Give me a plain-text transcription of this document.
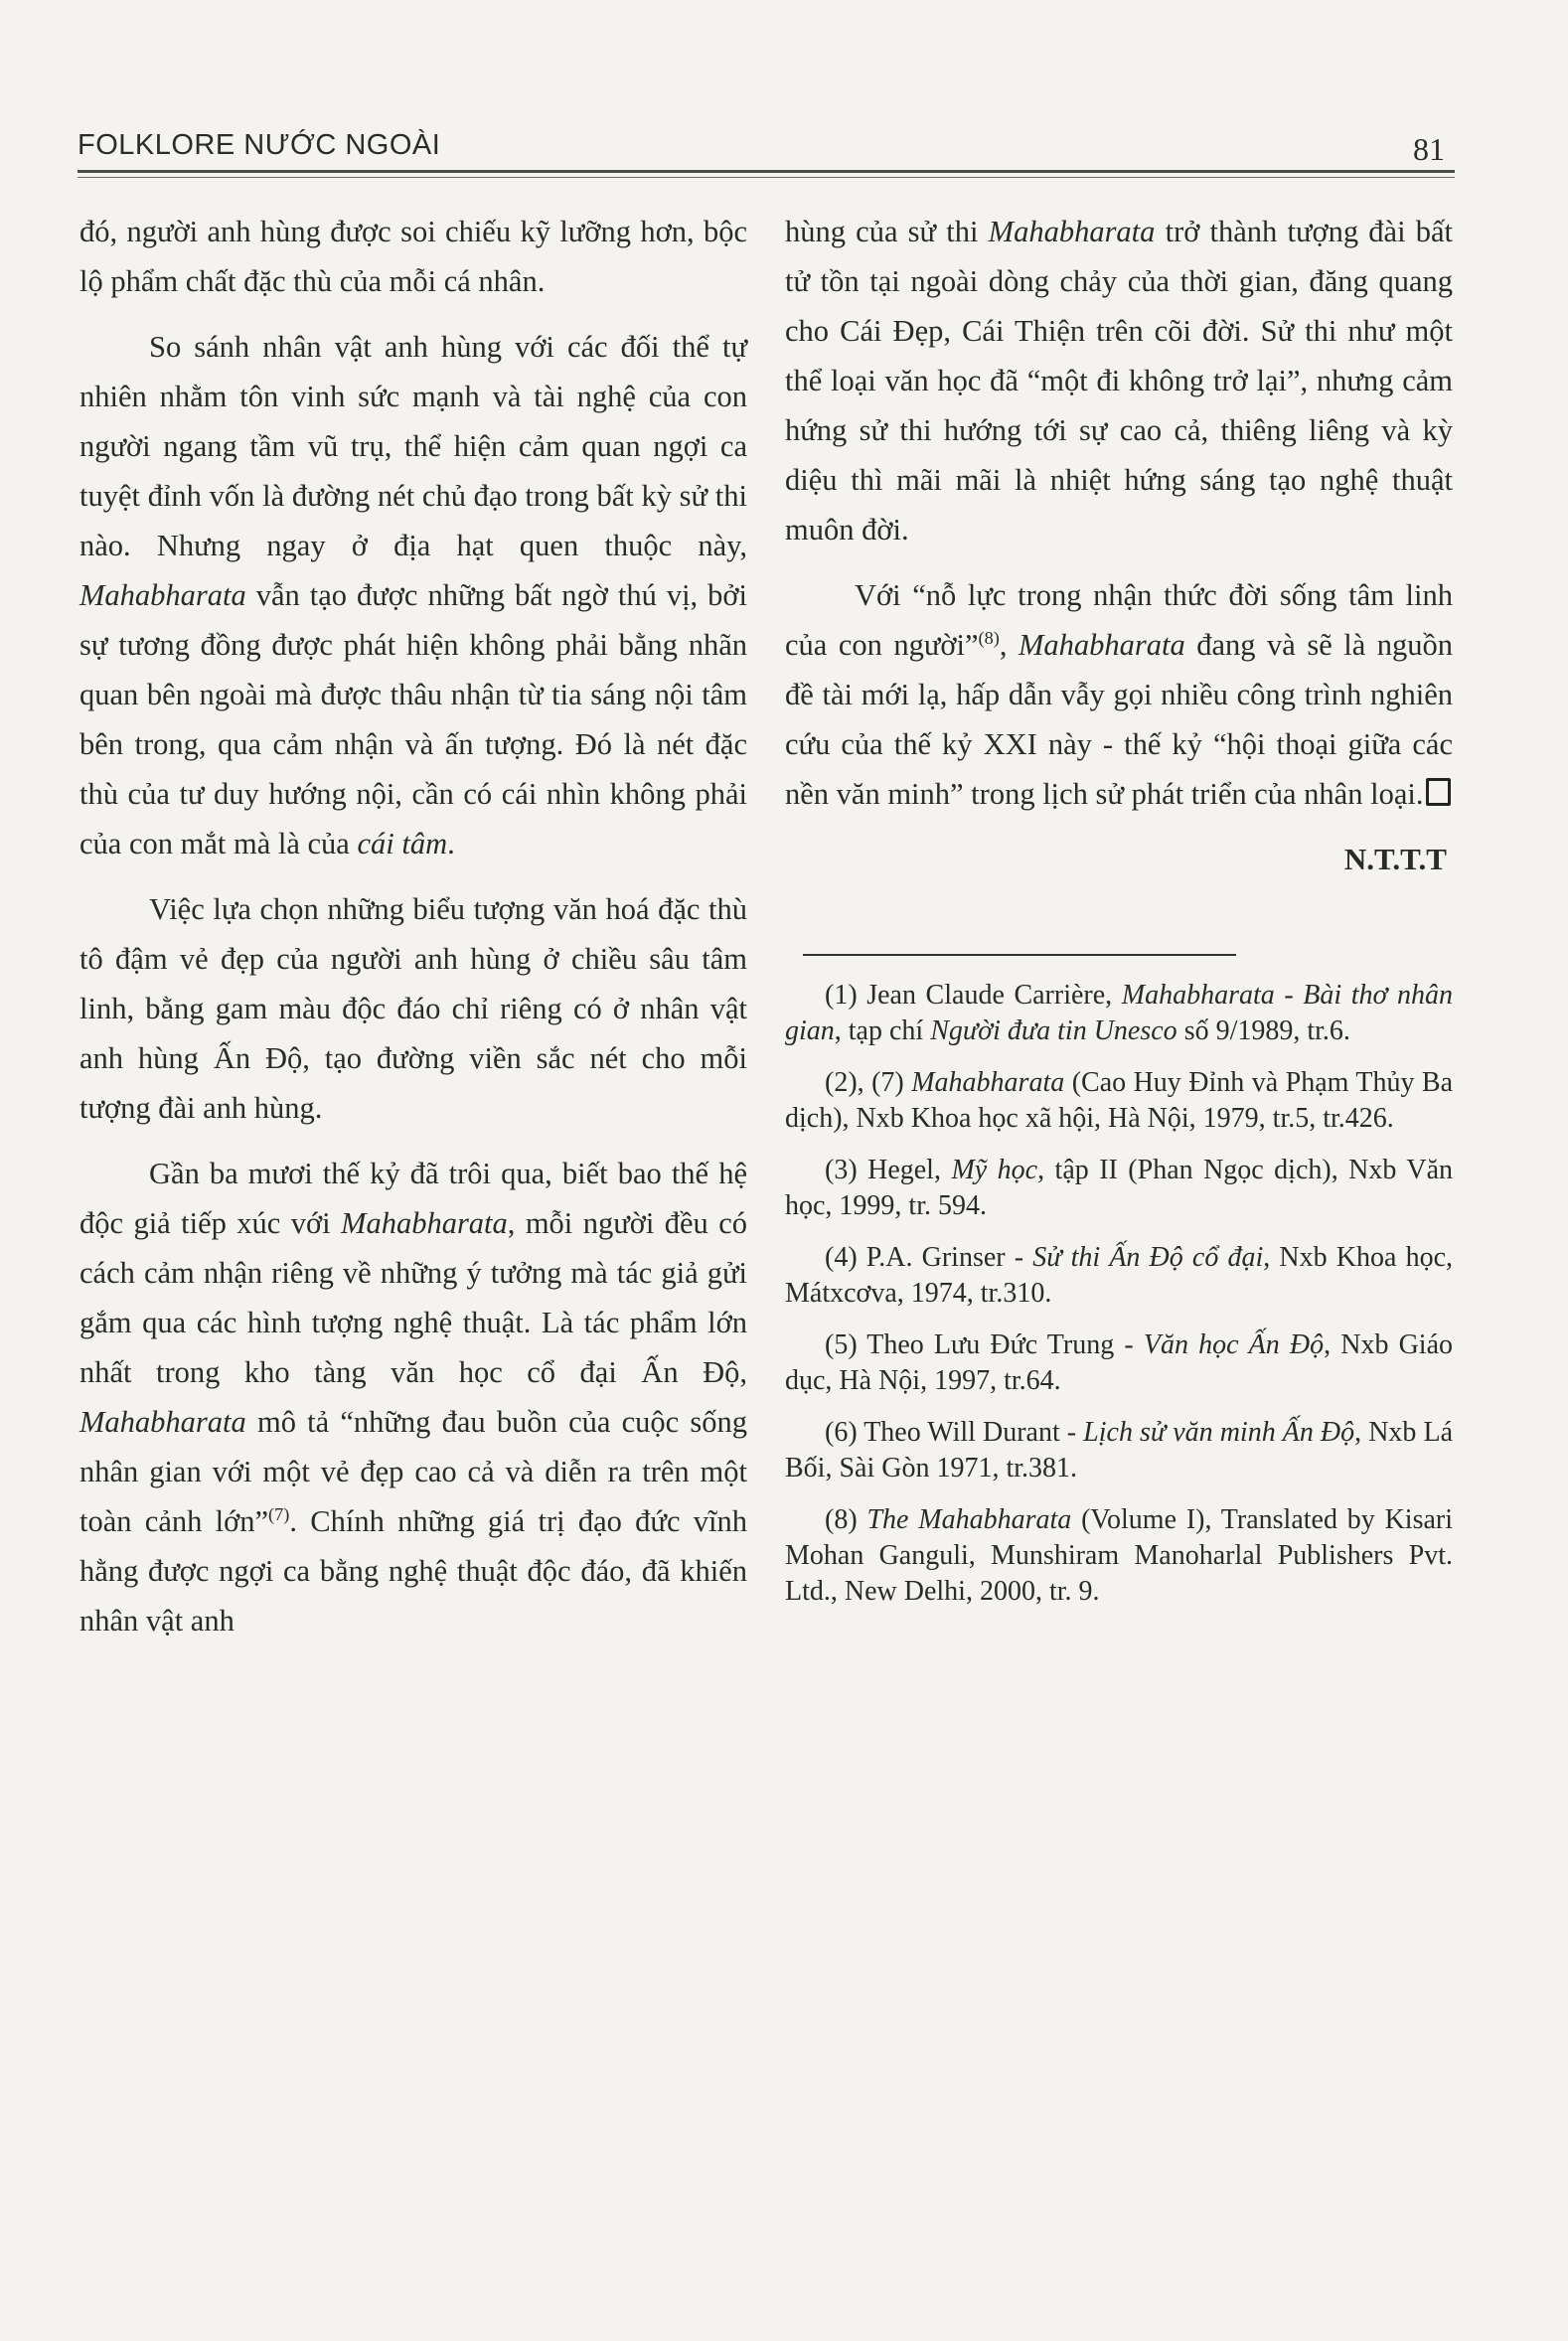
FOLKLORE NƯỚC NGOÀI	81

đó, người anh hùng được soi chiếu kỹ lưỡng hơn, bộc lộ phẩm chất đặc thù của mỗi cá nhân.

So sánh nhân vật anh hùng với các đối thể tự nhiên nhằm tôn vinh sức mạnh và tài nghệ của con người ngang tầm vũ trụ, thể hiện cảm quan ngợi ca tuyệt đỉnh vốn là đường nét chủ đạo trong bất kỳ sử thi nào. Nhưng ngay ở địa hạt quen thuộc này, Mahabharata vẫn tạo được những bất ngờ thú vị, bởi sự tương đồng được phát hiện không phải bằng nhãn quan bên ngoài mà được thâu nhận từ tia sáng nội tâm bên trong, qua cảm nhận và ấn tượng. Đó là nét đặc thù của tư duy hướng nội, cần có cái nhìn không phải của con mắt mà là của cái tâm.

Việc lựa chọn những biểu tượng văn hoá đặc thù tô đậm vẻ đẹp của người anh hùng ở chiều sâu tâm linh, bằng gam màu độc đáo chỉ riêng có ở nhân vật anh hùng Ấn Độ, tạo đường viền sắc nét cho mỗi tượng đài anh hùng.

Gần ba mươi thế kỷ đã trôi qua, biết bao thế hệ độc giả tiếp xúc với Mahabharata, mỗi người đều có cách cảm nhận riêng về những ý tưởng mà tác giả gửi gắm qua các hình tượng nghệ thuật. Là tác phẩm lớn nhất trong kho tàng văn học cổ đại Ấn Độ, Mahabharata mô tả “những đau buồn của cuộc sống nhân gian với một vẻ đẹp cao cả và diễn ra trên một toàn cảnh lớn”$^{(7)}$. Chính những giá trị đạo đức vĩnh hằng được ngợi ca bằng nghệ thuật độc đáo, đã khiến nhân vật anh

hùng của sử thi Mahabharata trở thành tượng đài bất tử tồn tại ngoài dòng chảy của thời gian, đăng quang cho Cái Đẹp, Cái Thiện trên cõi đời. Sử thi như một thể loại văn học đã “một đi không trở lại”, nhưng cảm hứng sử thi hướng tới sự cao cả, thiêng liêng và kỳ diệu thì mãi mãi là nhiệt hứng sáng tạo nghệ thuật muôn đời.

Với “nỗ lực trong nhận thức đời sống tâm linh của con người”$^{(8)}$, Mahabharata đang và sẽ là nguồn đề tài mới lạ, hấp dẫn vẫy gọi nhiều công trình nghiên cứu của thế kỷ XXI này - thế kỷ “hội thoại giữa các nền văn minh” trong lịch sử phát triển của nhân loại.

N.T.T.T

(1) Jean Claude Carrière, Mahabharata - Bài thơ nhân gian, tạp chí Người đưa tin Unesco số 9/1989, tr.6.

(2), (7) Mahabharata (Cao Huy Đỉnh và Phạm Thủy Ba dịch), Nxb Khoa học xã hội, Hà Nội, 1979, tr.5, tr.426.

(3) Hegel, Mỹ học, tập II (Phan Ngọc dịch), Nxb Văn học, 1999, tr. 594.

(4) P.A. Grinser - Sử thi Ấn Độ cổ đại, Nxb Khoa học, Mátxcơva, 1974, tr.310.

(5) Theo Lưu Đức Trung - Văn học Ấn Độ, Nxb Giáo dục, Hà Nội, 1997, tr.64.

(6) Theo Will Durant - Lịch sử văn minh Ấn Độ, Nxb Lá Bối, Sài Gòn 1971, tr.381.

(8) The Mahabharata (Volume I), Translated by Kisari Mohan Ganguli, Munshiram Manoharlal Publishers Pvt. Ltd., New Delhi, 2000, tr. 9.
